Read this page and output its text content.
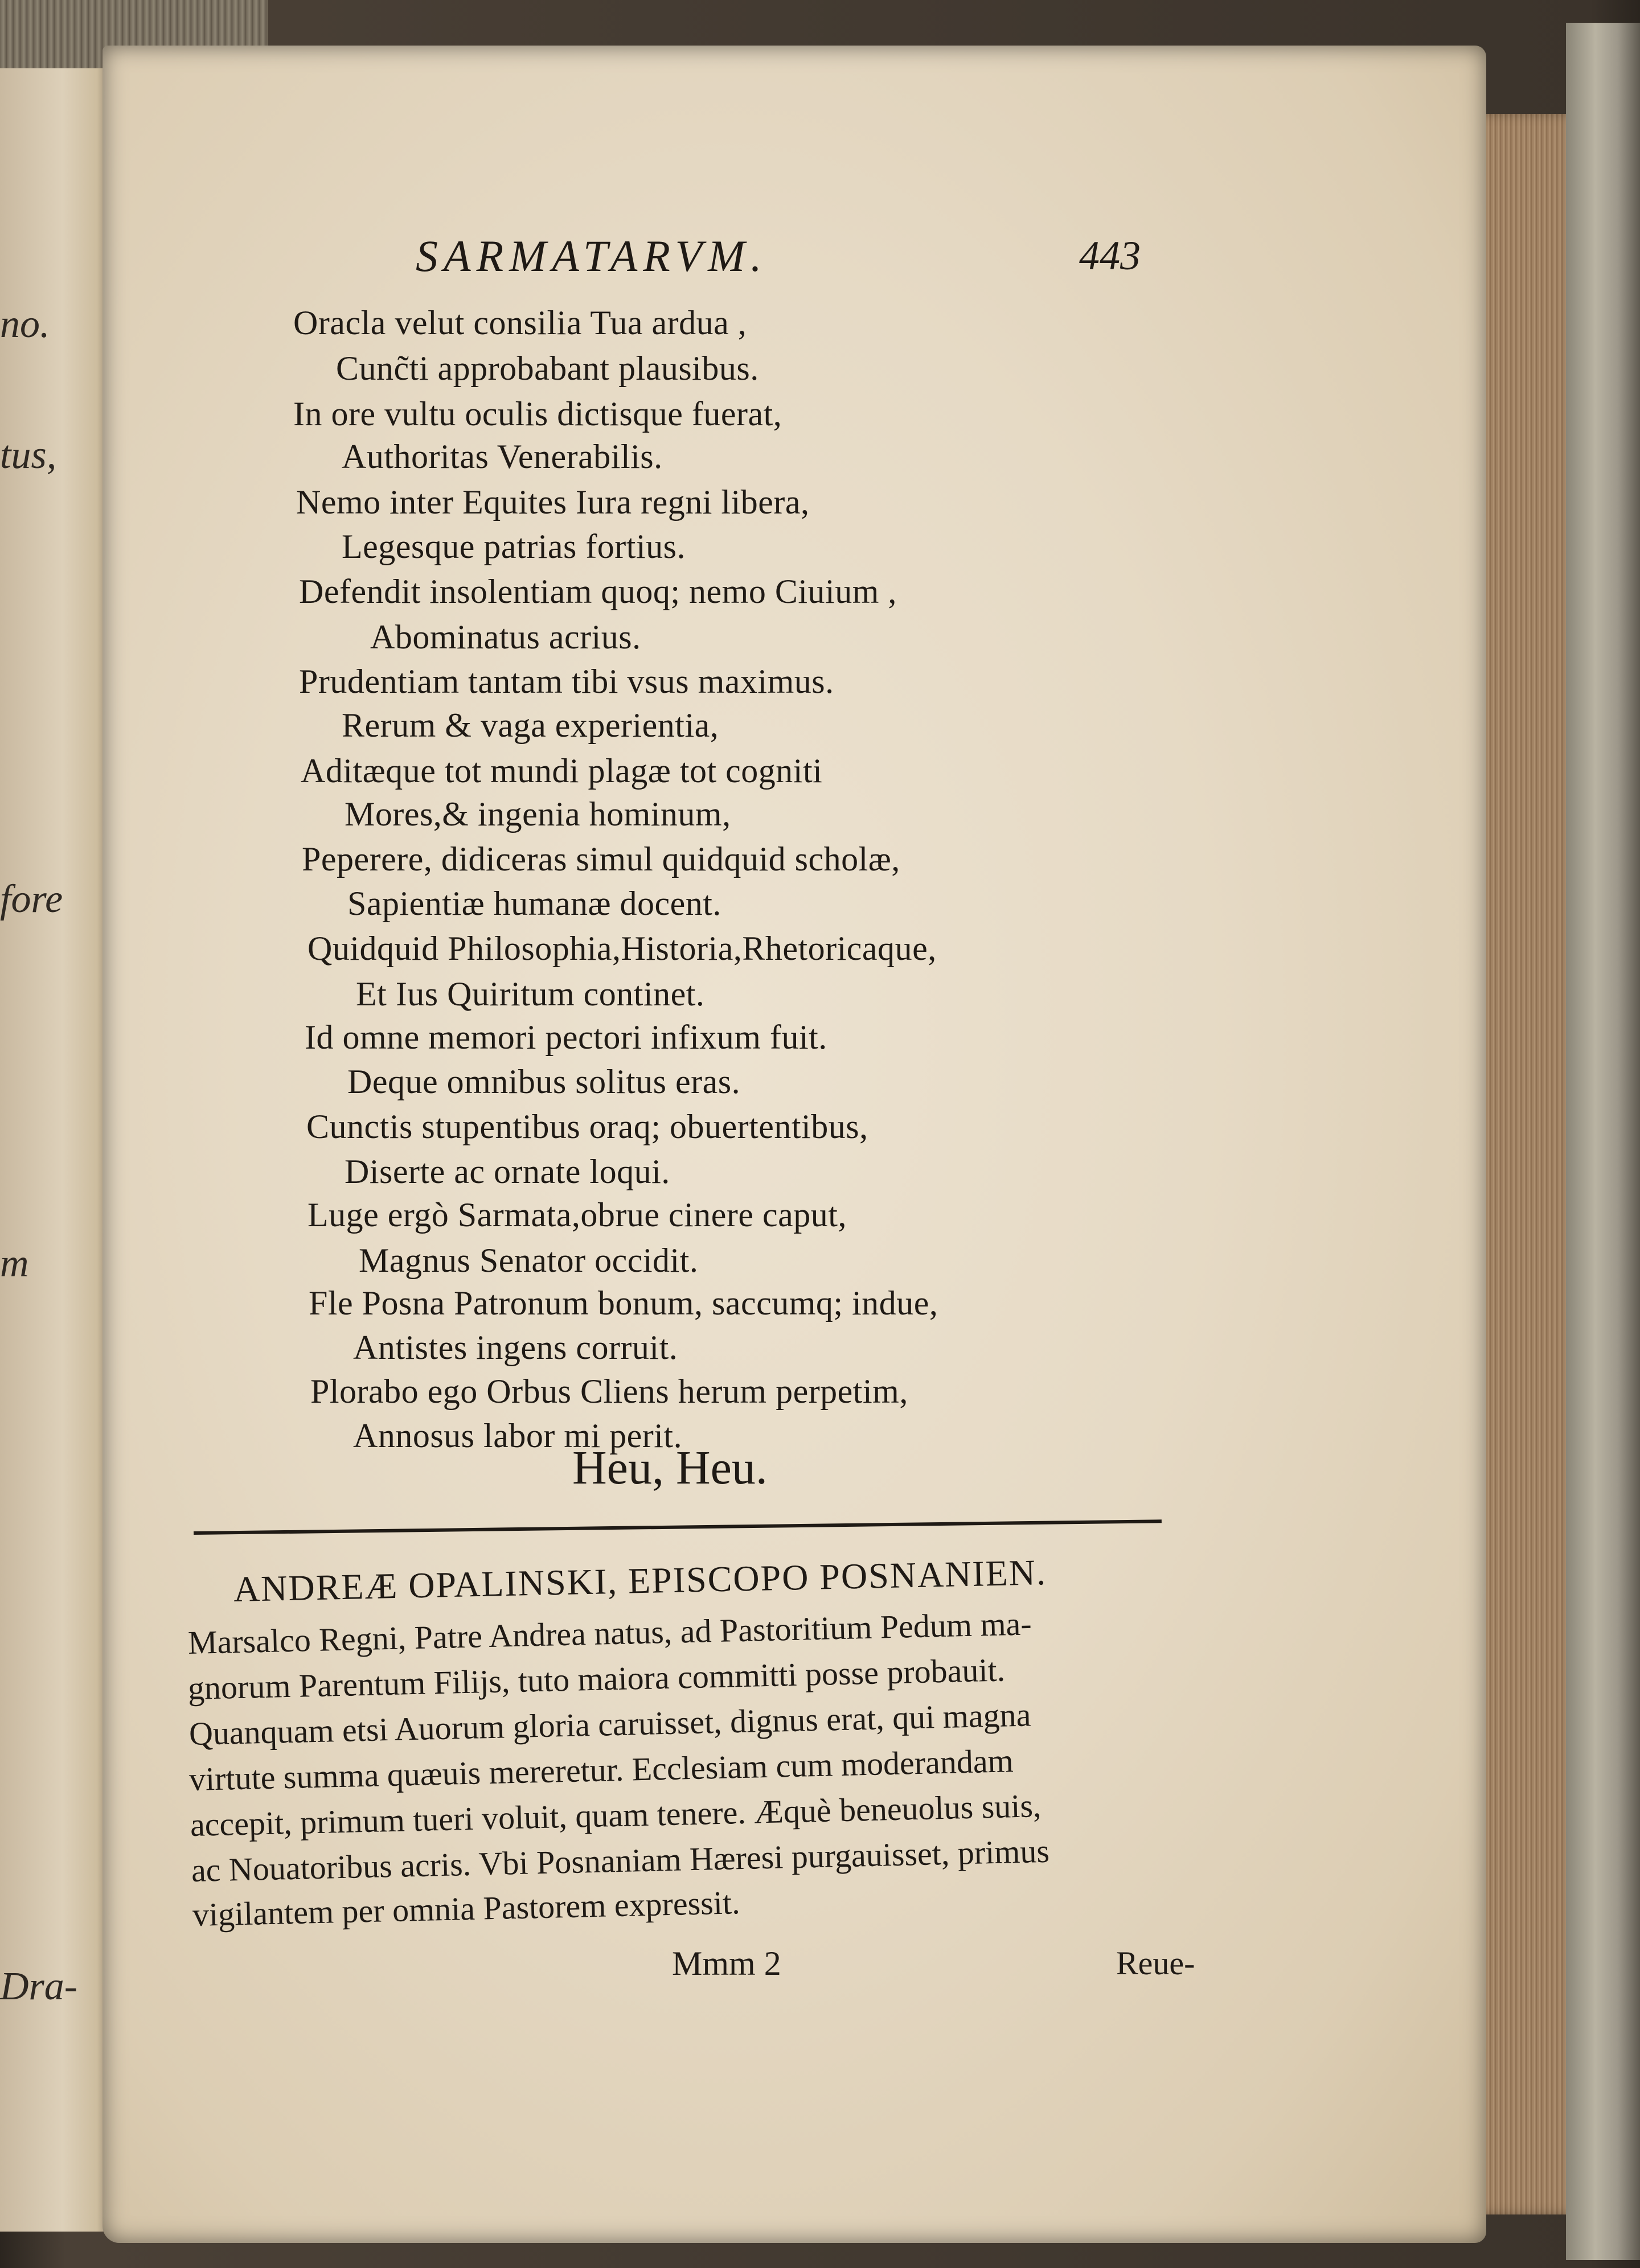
no.
tus,
fore
m
Dra-
SARMATARVM.	443
Oracla velut consilia Tua ardua ,
Cunc̃ti approbabant plausibus.
In ore vultu oculis dictisque fuerat,
Authoritas Venerabilis.
Nemo inter Equites Iura regni libera,
Legesque patrias fortius.
Defendit insolentiam quoq; nemo Ciuium ,
Abominatus acrius.
Prudentiam tantam tibi vsus maximus.
Rerum & vaga experientia,
Aditæque tot mundi plagæ tot cogniti
Mores,& ingenia hominum,
Peperere, didiceras simul quidquid scholæ,
Sapientiæ humanæ docent.
Quidquid Philosophia,Historia,Rhetoricaque,
Et Ius Quiritum continet.
Id omne memori pectori infixum fuit.
Deque omnibus solitus eras.
Cunctis stupentibus oraq; obuertentibus,
Diserte ac ornate loqui.
Luge ergò Sarmata,obrue cinere caput,
Magnus Senator occidit.
Fle Posna Patronum bonum, saccumq; indue,
Antistes ingens corruit.
Plorabo ego Orbus Cliens herum perpetim,
Annosus labor mi perit.
Heu, Heu.
ANDREÆ OPALINSKI, EPISCOPO POSNANIEN.
Marsalco Regni, Patre Andrea natus, ad Pastoritium Pedum ma-
gnorum Parentum Filijs, tuto maiora committi posse probauit.
Quanquam etsi Auorum gloria caruisset, dignus erat, qui magna
virtute summa quæuis mereretur. Ecclesiam cum moderandam
accepit, primum tueri voluit, quam tenere. Æquè beneuolus suis,
ac Nouatoribus acris. Vbi Posnaniam Hæresi purgauisset, primus
vigilantem per omnia Pastorem expressit.
Mmm 2	Reue-
